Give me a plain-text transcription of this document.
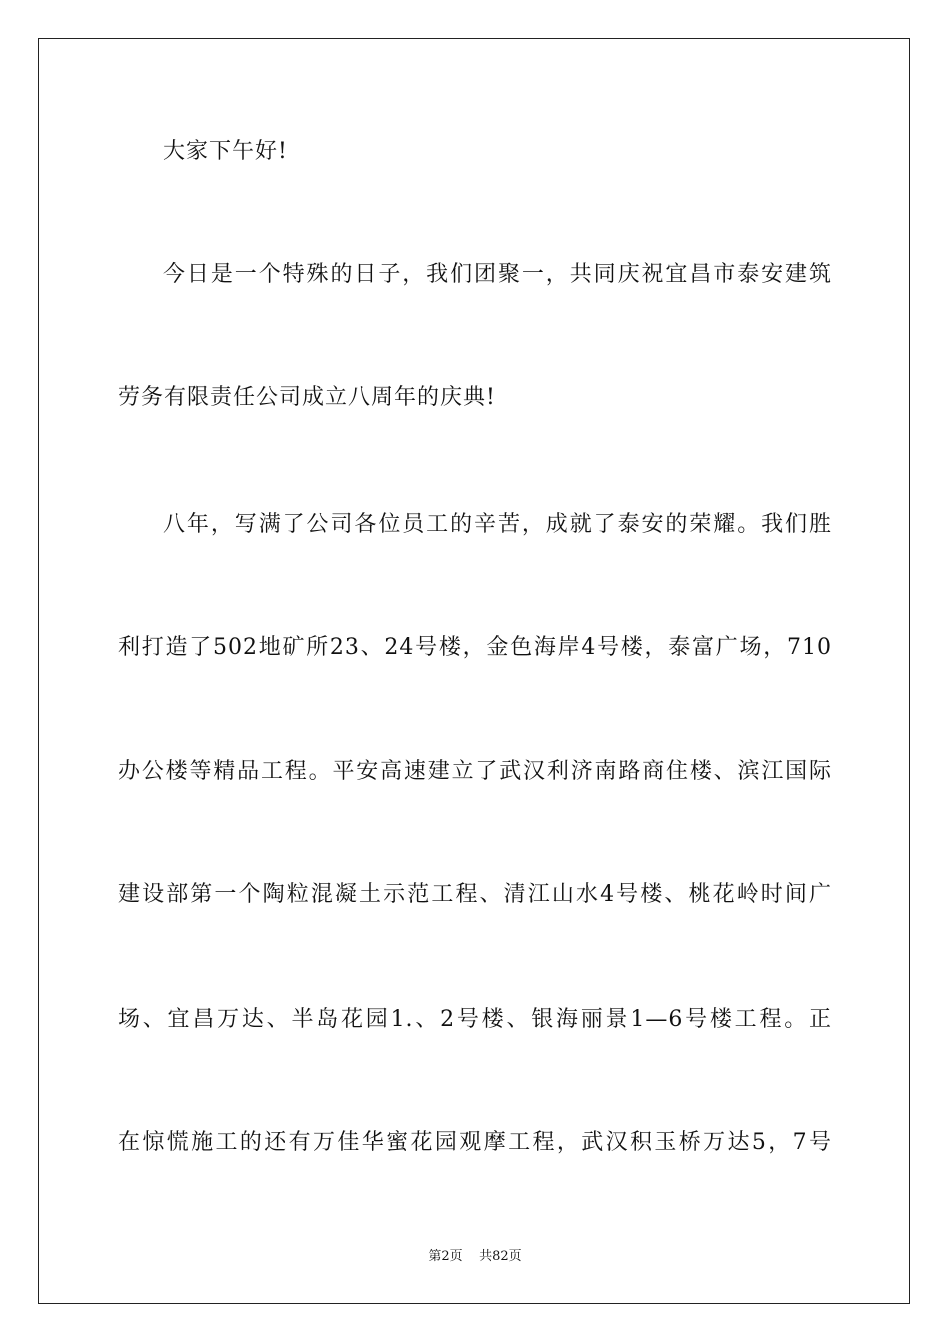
大家下午好!
今日是一个特殊的日子，我们团聚一，共同庆祝宜昌市泰安建筑
劳务有限责任公司成立八周年的庆典!
八年，写满了公司各位员工的辛苦，成就了泰安的荣耀。我们胜
利打造了502地矿所23、24号楼，金色海岸4号楼，泰富广场，710
办公楼等精品工程。平安高速建立了武汉利济南路商住楼、滨江国际
建设部第一个陶粒混凝土示范工程、清江山水4号楼、桃花岭时间广
场、宜昌万达、半岛花园1.、2号楼、银海丽景1—6号楼工程。正
在惊慌施工的还有万佳华蜜花园观摩工程，武汉积玉桥万达5，7号
第2页 共82页
